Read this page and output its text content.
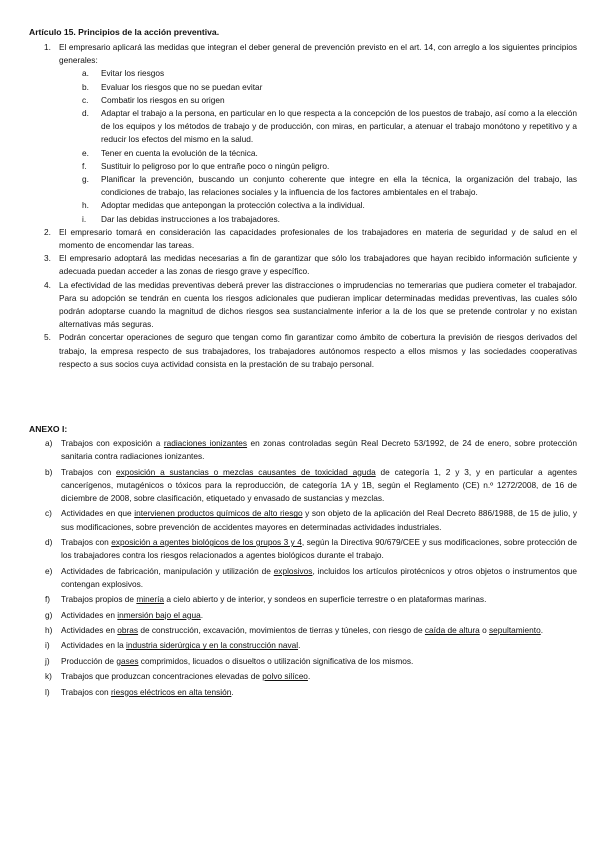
Artículo 15. Principios de la acción preventiva.
1. El empresario aplicará las medidas que integran el deber general de prevención previsto en el art. 14, con arreglo a los siguientes principios generales:
a. Evitar los riesgos
b. Evaluar los riesgos que no se puedan evitar
c. Combatir los riesgos en su origen
d. Adaptar el trabajo a la persona, en particular en lo que respecta a la concepción de los puestos de trabajo, así como a la elección de los equipos y los métodos de trabajo y de producción, con miras, en particular, a atenuar el trabajo monótono y repetitivo y a reducir los efectos del mismo en la salud.
e. Tener en cuenta la evolución de la técnica.
f. Sustituir lo peligroso por lo que entrañe poco o ningún peligro.
g. Planificar la prevención, buscando un conjunto coherente que integre en ella la técnica, la organización del trabajo, las condiciones de trabajo, las relaciones sociales y la influencia de los factores ambientales en el trabajo.
h. Adoptar medidas que antepongan la protección colectiva a la individual.
i. Dar las debidas instrucciones a los trabajadores.
2. El empresario tomará en consideración las capacidades profesionales de los trabajadores en materia de seguridad y de salud en el momento de encomendar las tareas.
3. El empresario adoptará las medidas necesarias a fin de garantizar que sólo los trabajadores que hayan recibido información suficiente y adecuada puedan acceder a las zonas de riesgo grave y específico.
4. La efectividad de las medidas preventivas deberá prever las distracciones o imprudencias no temerarias que pudiera cometer el trabajador. Para su adopción se tendrán en cuenta los riesgos adicionales que pudieran implicar determinadas medidas preventivas, las cuales sólo podrán adoptarse cuando la magnitud de dichos riesgos sea sustancialmente inferior a la de los que se pretende controlar y no existan alternativas más seguras.
5. Podrán concertar operaciones de seguro que tengan como fin garantizar como ámbito de cobertura la previsión de riesgos derivados del trabajo, la empresa respecto de sus trabajadores, los trabajadores autónomos respecto a ellos mismos y las sociedades cooperativas respecto a sus socios cuya actividad consista en la prestación de su trabajo personal.
ANEXO I:
a) Trabajos con exposición a radiaciones ionizantes en zonas controladas según Real Decreto 53/1992, de 24 de enero, sobre protección sanitaria contra radiaciones ionizantes.
b) Trabajos con exposición a sustancias o mezclas causantes de toxicidad aguda de categoría 1, 2 y 3, y en particular a agentes cancerígenos, mutagénicos o tóxicos para la reproducción, de categoría 1A y 1B, según el Reglamento (CE) n.º 1272/2008, de 16 de diciembre de 2008, sobre clasificación, etiquetado y envasado de sustancias y mezclas.
c) Actividades en que intervienen productos químicos de alto riesgo y son objeto de la aplicación del Real Decreto 886/1988, de 15 de julio, y sus modificaciones, sobre prevención de accidentes mayores en determinadas actividades industriales.
d) Trabajos con exposición a agentes biológicos de los grupos 3 y 4, según la Directiva 90/679/CEE y sus modificaciones, sobre protección de los trabajadores contra los riesgos relacionados a agentes biológicos durante el trabajo.
e) Actividades de fabricación, manipulación y utilización de explosivos, incluidos los artículos pirotécnicos y otros objetos o instrumentos que contengan explosivos.
f) Trabajos propios de minería a cielo abierto y de interior, y sondeos en superficie terrestre o en plataformas marinas.
g) Actividades en inmersión bajo el agua.
h) Actividades en obras de construcción, excavación, movimientos de tierras y túneles, con riesgo de caída de altura o sepultamiento.
i) Actividades en la industria siderúrgica y en la construcción naval.
j) Producción de gases comprimidos, licuados o disueltos o utilización significativa de los mismos.
k) Trabajos que produzcan concentraciones elevadas de polvo silíceo.
l) Trabajos con riesgos eléctricos en alta tensión.
